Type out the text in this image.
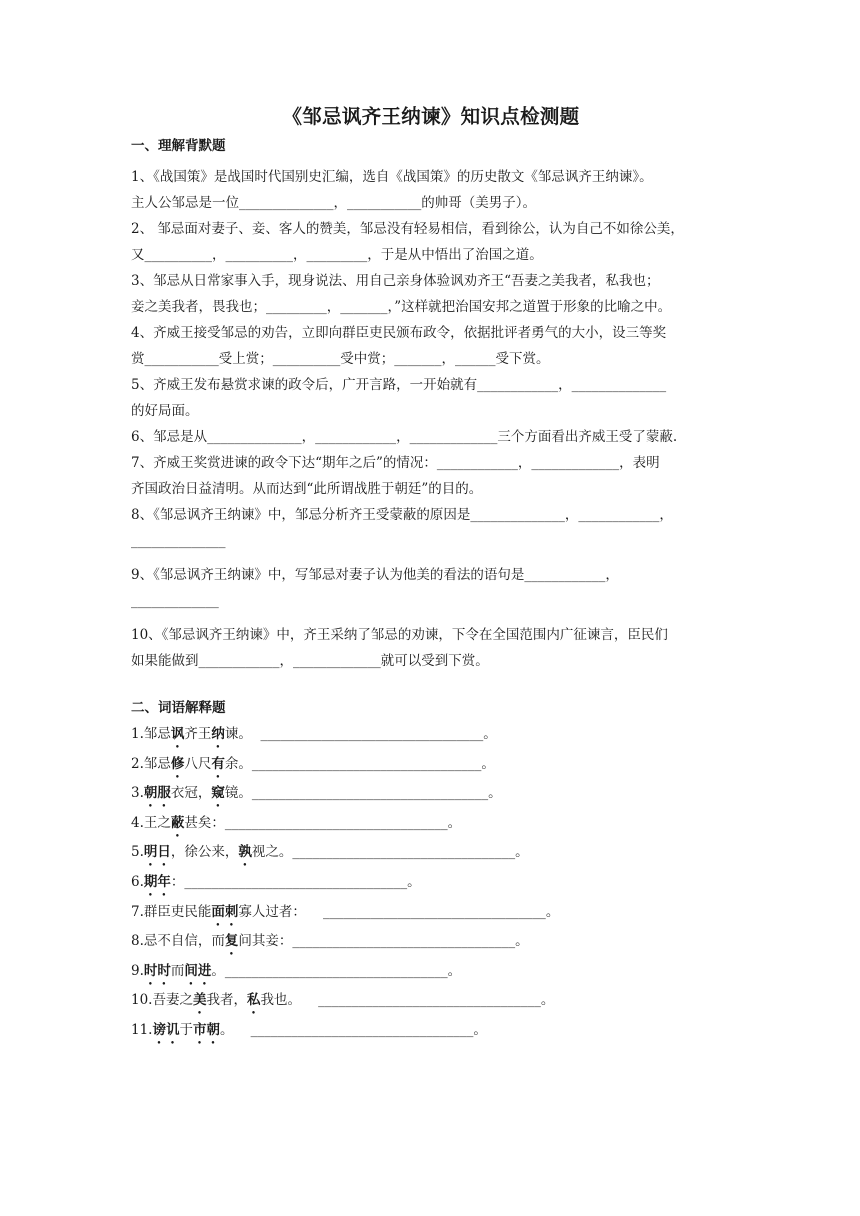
《邹忌讽齐王纳谏》知识点检测题
一、理解背默题
1、《战国策》是战国时代国别史汇编，选自《战国策》的历史散文《邹忌讽齐王纳谏》。
主人公邹忌是一位______________，___________的帅哥（美男子）。
2、 邹忌面对妻子、妾、客人的赞美，邹忌没有轻易相信，看到徐公，认为自己不如徐公美，
又__________，__________，_________，于是从中悟出了治国之道。
3、邹忌从日常家事入手，现身说法、用自己亲身体验讽劝齐王“吾妻之美我者，私我也；
妾之美我者，畏我也；_________，_______，”这样就把治国安邦之道置于形象的比喻之中。
4、齐威王接受邹忌的劝告，立即向群臣吏民颁布政令，依据批评者勇气的大小，设三等奖
赏___________受上赏；__________受中赏；_______，______受下赏。
5、齐威王发布悬赏求谏的政令后，广开言路，一开始就有____________，______________
的好局面。
6、邹忌是从______________，____________，_____________三个方面看出齐威王受了蒙蔽.
7、齐威王奖赏进谏的政令下达“期年之后”的情况：____________，_____________，表明
齐国政治日益清明。从而达到“此所谓战胜于朝廷”的目的。
8、《邹忌讽齐王纳谏》中，邹忌分析齐王受蒙蔽的原因是______________，____________，
______________
9、《邹忌讽齐王纳谏》中，写邹忌对妻子认为他美的看法的语句是____________，
_____________
10、《邹忌讽齐王纳谏》中，齐王采纳了邹忌的劝谏，下令在全国范围内广征谏言，臣民们
如果能做到____________，_____________就可以受到下赏。
二、词语解释题
1.邹忌讽齐王纳谏。  _________________________________。
2.邹忌修八尺有余。__________________________________。
3.朝服衣冠，窥镜。___________________________________。
4.王之蔽甚矣：_________________________________。
5.明日，徐公来，孰视之。_________________________________。
6.期年：_________________________________。
7.群臣吏民能面刺寡人过者：    _________________________________。
8.忌不自信，而复问其妾：_________________________________。
9.时时而间进。_________________________________。
10.吾妻之美我者，私我也。    _________________________________。
11.谤讥于市朝。    _________________________________。
